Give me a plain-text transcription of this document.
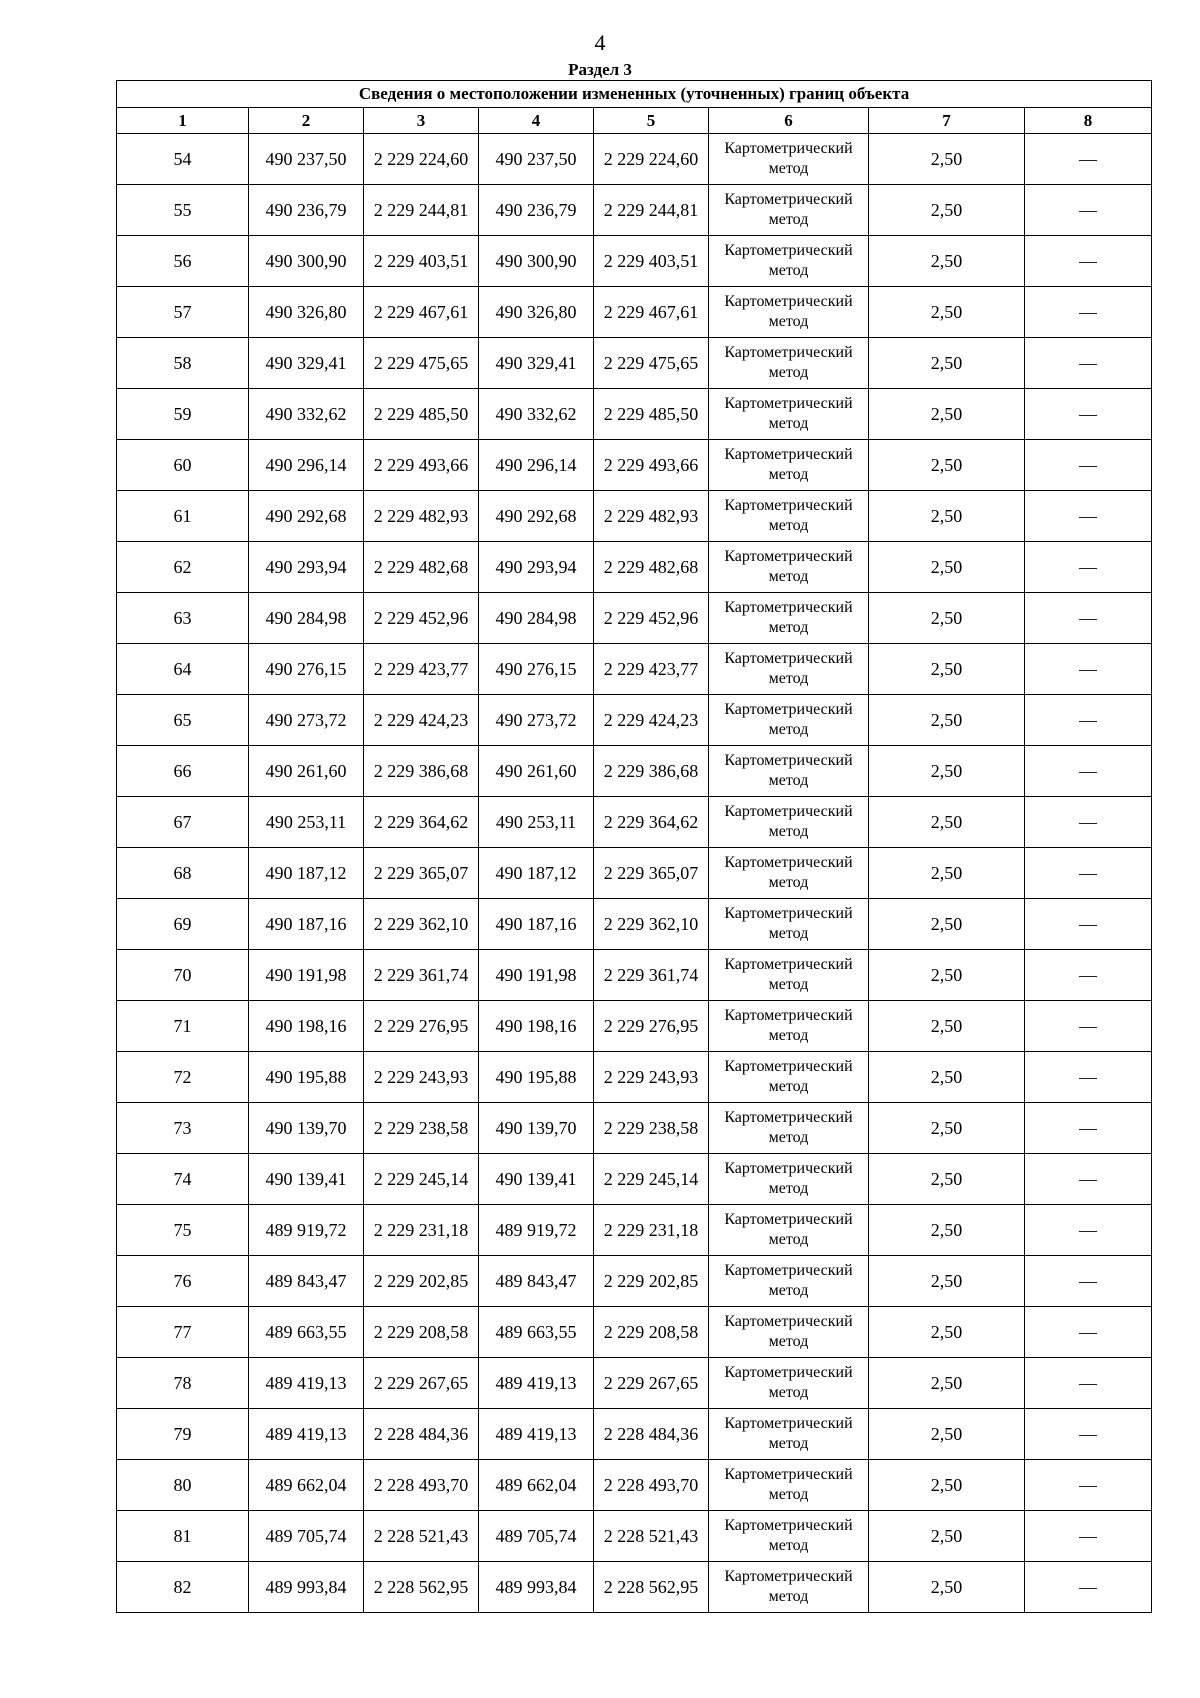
4
Раздел 3
Сведения о местоположении измененных (уточненных) границ объекта							
1	2	3	4	5	6	7	8
54	490 237,50	2 229 224,60	490 237,50	2 229 224,60	Картометрический метод	2,50	—
55	490 236,79	2 229 244,81	490 236,79	2 229 244,81	Картометрический метод	2,50	—
56	490 300,90	2 229 403,51	490 300,90	2 229 403,51	Картометрический метод	2,50	—
57	490 326,80	2 229 467,61	490 326,80	2 229 467,61	Картометрический метод	2,50	—
58	490 329,41	2 229 475,65	490 329,41	2 229 475,65	Картометрический метод	2,50	—
59	490 332,62	2 229 485,50	490 332,62	2 229 485,50	Картометрический метод	2,50	—
60	490 296,14	2 229 493,66	490 296,14	2 229 493,66	Картометрический метод	2,50	—
61	490 292,68	2 229 482,93	490 292,68	2 229 482,93	Картометрический метод	2,50	—
62	490 293,94	2 229 482,68	490 293,94	2 229 482,68	Картометрический метод	2,50	—
63	490 284,98	2 229 452,96	490 284,98	2 229 452,96	Картометрический метод	2,50	—
64	490 276,15	2 229 423,77	490 276,15	2 229 423,77	Картометрический метод	2,50	—
65	490 273,72	2 229 424,23	490 273,72	2 229 424,23	Картометрический метод	2,50	—
66	490 261,60	2 229 386,68	490 261,60	2 229 386,68	Картометрический метод	2,50	—
67	490 253,11	2 229 364,62	490 253,11	2 229 364,62	Картометрический метод	2,50	—
68	490 187,12	2 229 365,07	490 187,12	2 229 365,07	Картометрический метод	2,50	—
69	490 187,16	2 229 362,10	490 187,16	2 229 362,10	Картометрический метод	2,50	—
70	490 191,98	2 229 361,74	490 191,98	2 229 361,74	Картометрический метод	2,50	—
71	490 198,16	2 229 276,95	490 198,16	2 229 276,95	Картометрический метод	2,50	—
72	490 195,88	2 229 243,93	490 195,88	2 229 243,93	Картометрический метод	2,50	—
73	490 139,70	2 229 238,58	490 139,70	2 229 238,58	Картометрический метод	2,50	—
74	490 139,41	2 229 245,14	490 139,41	2 229 245,14	Картометрический метод	2,50	—
75	489 919,72	2 229 231,18	489 919,72	2 229 231,18	Картометрический метод	2,50	—
76	489 843,47	2 229 202,85	489 843,47	2 229 202,85	Картометрический метод	2,50	—
77	489 663,55	2 229 208,58	489 663,55	2 229 208,58	Картометрический метод	2,50	—
78	489 419,13	2 229 267,65	489 419,13	2 229 267,65	Картометрический метод	2,50	—
79	489 419,13	2 228 484,36	489 419,13	2 228 484,36	Картометрический метод	2,50	—
80	489 662,04	2 228 493,70	489 662,04	2 228 493,70	Картометрический метод	2,50	—
81	489 705,74	2 228 521,43	489 705,74	2 228 521,43	Картометрический метод	2,50	—
82	489 993,84	2 228 562,95	489 993,84	2 228 562,95	Картометрический метод	2,50	—
